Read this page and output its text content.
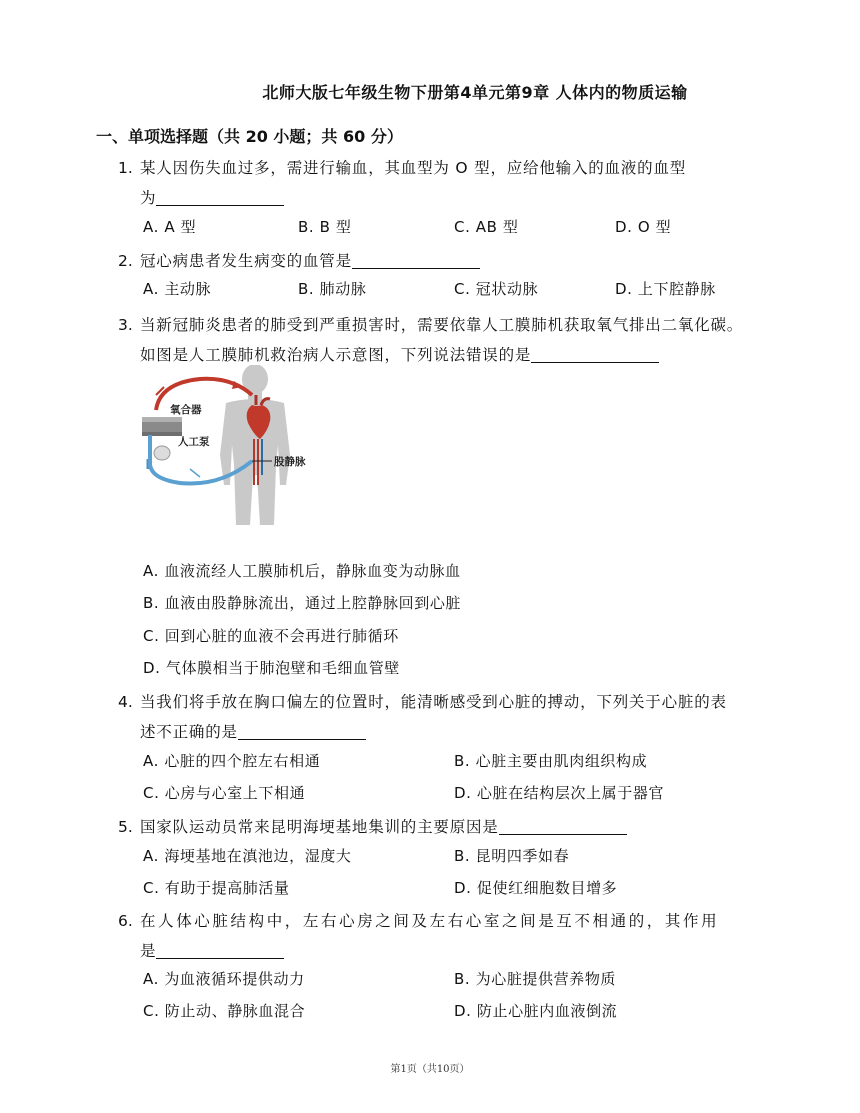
北师大版七年级生物下册第4单元第9章 人体内的物质运输
一、单项选择题（共 20 小题；共 60 分）
1. 某人因伤失血过多，需进行输血，其血型为 O 型，应给他输入的血液的血型
为
A. A 型	B. B 型	C. AB 型	D. O 型
2. 冠心病患者发生病变的血管是
A. 主动脉	B. 肺动脉	C. 冠状动脉	D. 上下腔静脉
3. 当新冠肺炎患者的肺受到严重损害时，需要依靠人工膜肺机获取氧气排出二氧化碳。
如图是人工膜肺机救治病人示意图，下列说法错误的是
氧合器
人工泵
股静脉
A. 血液流经人工膜肺机后，静脉血变为动脉血
B. 血液由股静脉流出，通过上腔静脉回到心脏
C. 回到心脏的血液不会再进行肺循环
D. 气体膜相当于肺泡壁和毛细血管壁
4. 当我们将手放在胸口偏左的位置时，能清晰感受到心脏的搏动，下列关于心脏的表
述不正确的是
A. 心脏的四个腔左右相通	B. 心脏主要由肌肉组织构成
C. 心房与心室上下相通	D. 心脏在结构层次上属于器官
5. 国家队运动员常来昆明海埂基地集训的主要原因是
A. 海埂基地在滇池边，湿度大	B. 昆明四季如春
C. 有助于提高肺活量	D. 促使红细胞数目增多
6. 在人体心脏结构中，左右心房之间及左右心室之间是互不相通的，其作用
是
A. 为血液循环提供动力	B. 为心脏提供营养物质
C. 防止动、静脉血混合	D. 防止心脏内血液倒流
第1页（共10页）
